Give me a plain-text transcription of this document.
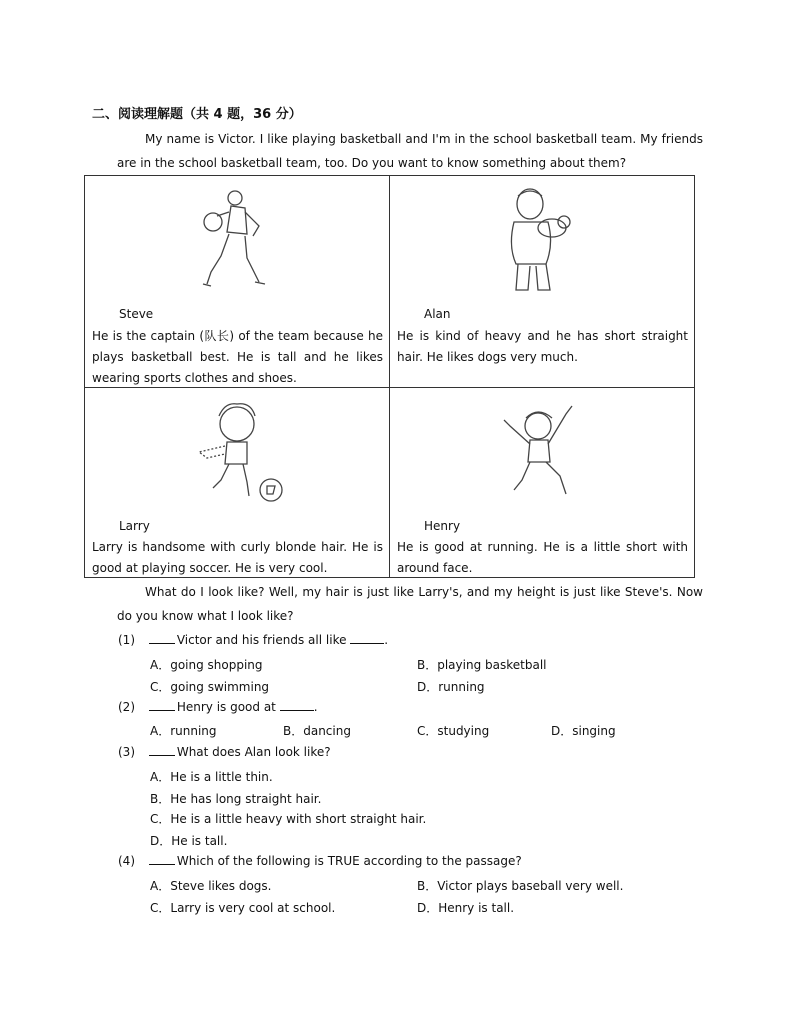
二、阅读理解题（共 4 题，36 分）
My name is Victor. I like playing basketball and I'm in the school basketball team. My friends are in the school basketball team, too. Do you want to know something about them?
Steve
He is the captain (队长) of the team because he plays basketball best. He is tall and he likes wearing sports clothes and shoes.
Alan
He is kind of heavy and he has short straight hair. He likes dogs very much.
Larry
Larry is handsome with curly blonde hair. He is good at playing soccer. He is very cool.
Henry
He is good at running. He is a little short with around face.
What do I look like? Well, my hair is just like Larry's, and my height is just like Steve's. Now do you know what I look like?
(1)	Victor and his friends all like	.
A．going shopping	B．playing basketball
C．going swimming	D．running
(2)	Henry is good at	.
A．running	B．dancing	C．studying	D．singing
(3)	What does Alan look like?
A．He is a little thin.
B．He has long straight hair.
C．He is a little heavy with short straight hair.
D．He is tall.
(4)	Which of the following is TRUE according to the passage?
A．Steve likes dogs.	B．Victor plays baseball very well.
C．Larry is very cool at school.	D．Henry is tall.
